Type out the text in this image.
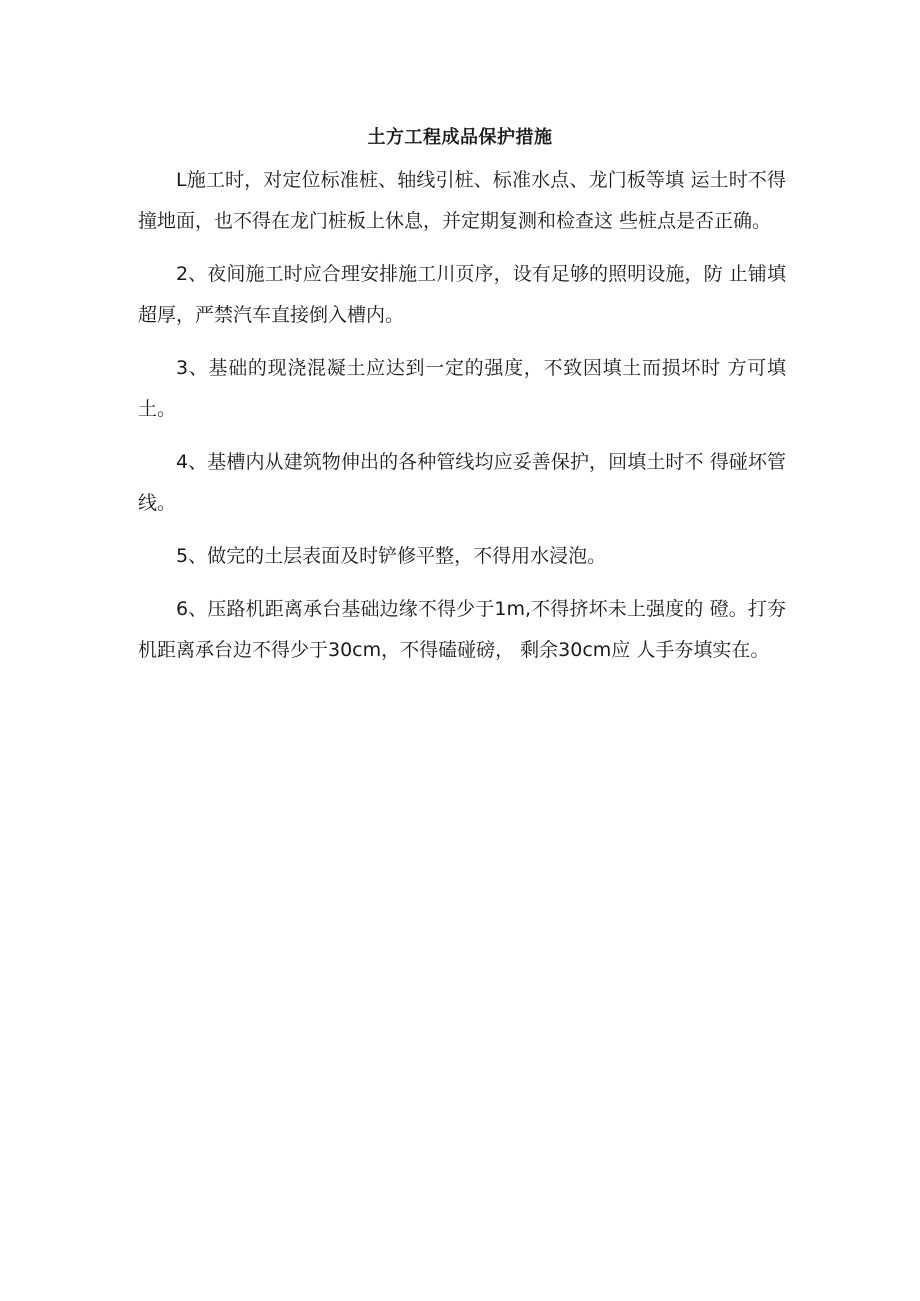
土方工程成品保护措施

L施工时，对定位标准桩、轴线引桩、标准水点、龙门板等填 运土时不得撞地面，也不得在龙门桩板上休息，并定期复测和检查这 些桩点是否正确。

2、夜间施工时应合理安排施工川页序，设有足够的照明设施，防 止铺填超厚，严禁汽车直接倒入槽内。

3、基础的现浇混凝土应达到一定的强度，不致因填土而损坏时 方可填土。

4、基槽内从建筑物伸出的各种管线均应妥善保护，回填土时不 得碰坏管线。

5、做完的土层表面及时铲修平整，不得用水浸泡。

6、压路机距离承台基础边缘不得少于1m,不得挤坏未上强度的 磴。打夯机距离承台边不得少于30cm，不得磕碰磅， 剩余30cm应 人手夯填实在。
